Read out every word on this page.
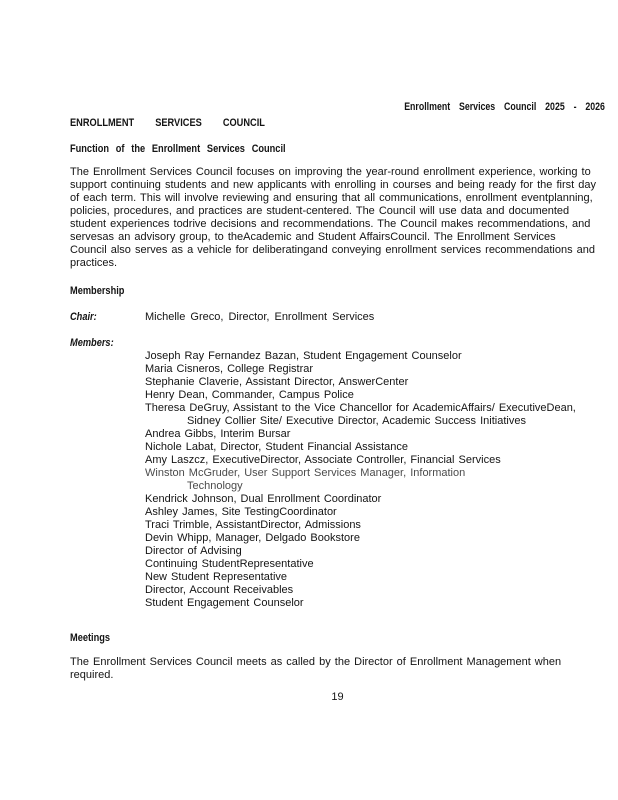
Enrollment Services Council 2025 - 2026
ENROLLMENT SERVICES COUNCIL
Function of the Enrollment Services Council
The Enrollment Services Council focuses on improving the year-round enrollment experience, working to
support continuing students and new applicants with enrolling in courses and being ready for the first day
of each term. This will involve reviewing and ensuring that all communications, enrollment eventplanning,
policies, procedures, and practices are student-centered. The Council will use data and documented
student experiences todrive decisions and recommendations. The Council makes recommendations, and
servesas an advisory group, to theAcademic and Student AffairsCouncil. The Enrollment Services
Council also serves as a vehicle for deliberatingand conveying enrollment services recommendations and
practices.
Membership
Chair:	Michelle Greco, Director, Enrollment Services
Members:
Joseph Ray Fernandez Bazan, Student Engagement Counselor
Maria Cisneros, College Registrar
Stephanie Claverie, Assistant Director, AnswerCenter
Henry Dean, Commander, Campus Police
Theresa DeGruy, Assistant to the Vice Chancellor for AcademicAffairs/ ExecutiveDean,
Sidney Collier Site/ Executive Director, Academic Success Initiatives
Andrea Gibbs, Interim Bursar
Nichole Labat, Director, Student Financial Assistance
Amy Laszcz, ExecutiveDirector, Associate Controller, Financial Services
Winston McGruder, User Support Services Manager, Information
Technology
Kendrick Johnson, Dual Enrollment Coordinator
Ashley James, Site TestingCoordinator
Traci Trimble, AssistantDirector, Admissions
Devin Whipp, Manager, Delgado Bookstore
Director of Advising
Continuing StudentRepresentative
New Student Representative
Director, Account Receivables
Student Engagement Counselor
Meetings
The Enrollment Services Council meets as called by the Director of Enrollment Management when
required.
19
